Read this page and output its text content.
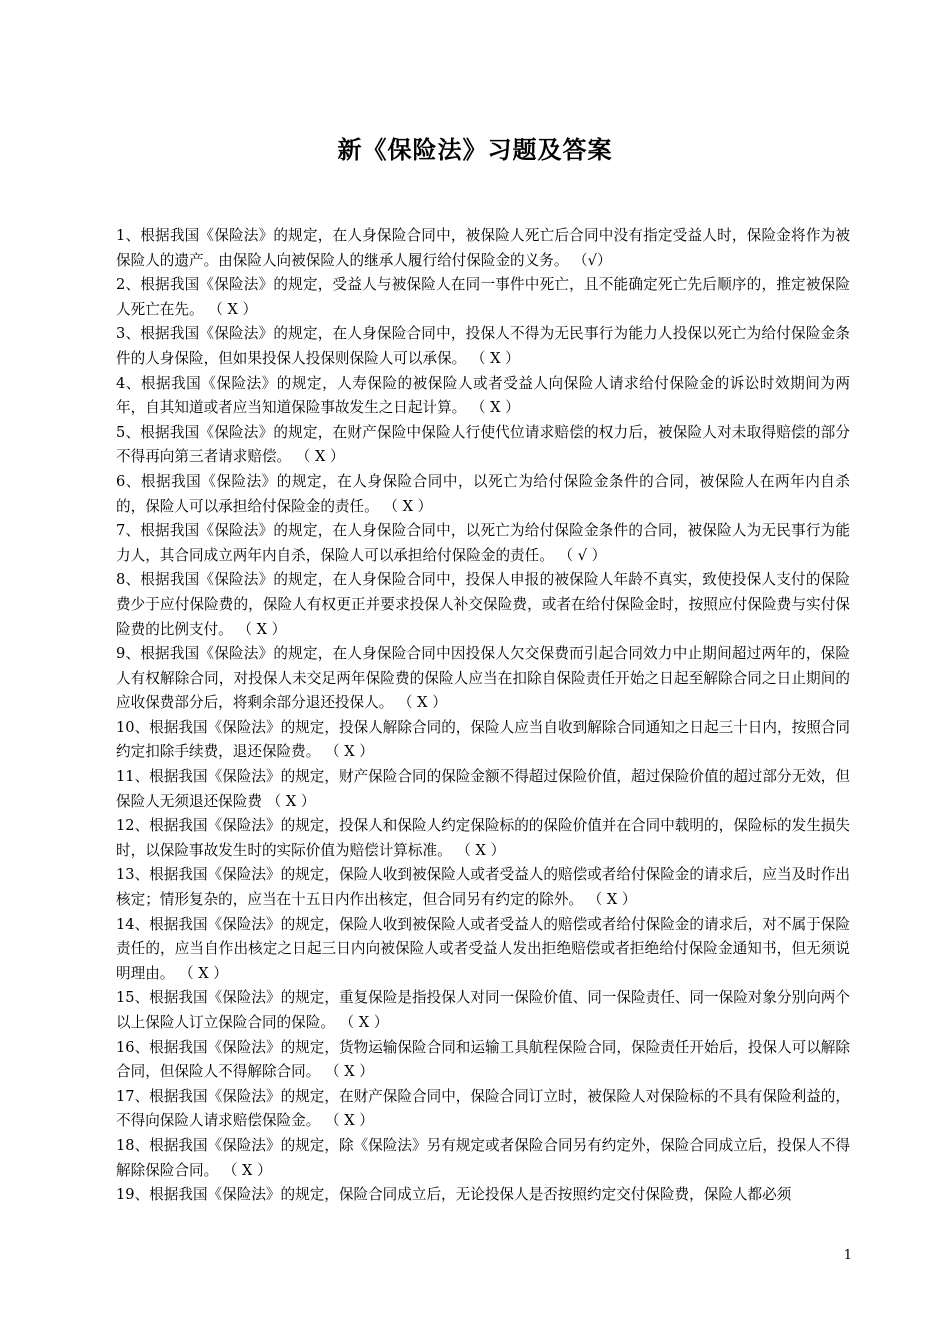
新《保险法》习题及答案

1、根据我国《保险法》的规定，在人身保险合同中，被保险人死亡后合同中没有指定受益人时，保险金将作为被保险人的遗产。由保险人向被保险人的继承人履行给付保险金的义务。 （√）

2、根据我国《保险法》的规定，受益人与被保险人在同一事件中死亡，且不能确定死亡先后顺序的，推定被保险人死亡在先。 （ X ）

3、根据我国《保险法》的规定，在人身保险合同中，投保人不得为无民事行为能力人投保以死亡为给付保险金条件的人身保险，但如果投保人投保则保险人可以承保。 （ X ）

4、根据我国《保险法》的规定，人寿保险的被保险人或者受益人向保险人请求给付保险金的诉讼时效期间为两年，自其知道或者应当知道保险事故发生之日起计算。 （ X ）

5、根据我国《保险法》的规定，在财产保险中保险人行使代位请求赔偿的权力后，被保险人对未取得赔偿的部分不得再向第三者请求赔偿。 （ X ）

6、根据我国《保险法》的规定，在人身保险合同中，以死亡为给付保险金条件的合同，被保险人在两年内自杀的，保险人可以承担给付保险金的责任。 （ X ）

7、根据我国《保险法》的规定，在人身保险合同中，以死亡为给付保险金条件的合同，被保险人为无民事行为能力人，其合同成立两年内自杀，保险人可以承担给付保险金的责任。 （ √ ）

8、根据我国《保险法》的规定，在人身保险合同中，投保人申报的被保险人年龄不真实，致使投保人支付的保险费少于应付保险费的，保险人有权更正并要求投保人补交保险费，或者在给付保险金时，按照应付保险费与实付保险费的比例支付。 （ X ）

9、根据我国《保险法》的规定，在人身保险合同中因投保人欠交保费而引起合同效力中止期间超过两年的，保险人有权解除合同，对投保人未交足两年保险费的保险人应当在扣除自保险责任开始之日起至解除合同之日止期间的应收保费部分后，将剩余部分退还投保人。 （ X ）

10、根据我国《保险法》的规定，投保人解除合同的，保险人应当自收到解除合同通知之日起三十日内，按照合同约定扣除手续费，退还保险费。 （ X ）

11、根据我国《保险法》的规定，财产保险合同的保险金额不得超过保险价值，超过保险价值的超过部分无效，但保险人无须退还保险费 （ X ）

12、根据我国《保险法》的规定，投保人和保险人约定保险标的的保险价值并在合同中载明的，保险标的发生损失时，以保险事故发生时的实际价值为赔偿计算标准。 （ X ）

13、根据我国《保险法》的规定，保险人收到被保险人或者受益人的赔偿或者给付保险金的请求后，应当及时作出核定；情形复杂的，应当在十五日内作出核定，但合同另有约定的除外。 （ X ）

14、根据我国《保险法》的规定，保险人收到被保险人或者受益人的赔偿或者给付保险金的请求后，对不属于保险责任的，应当自作出核定之日起三日内向被保险人或者受益人发出拒绝赔偿或者拒绝给付保险金通知书，但无须说明理由。 （ X ）

15、根据我国《保险法》的规定，重复保险是指投保人对同一保险价值、同一保险责任、同一保险对象分别向两个以上保险人订立保险合同的保险。 （ X ）

16、根据我国《保险法》的规定，货物运输保险合同和运输工具航程保险合同，保险责任开始后，投保人可以解除合同，但保险人不得解除合同。 （ X ）

17、根据我国《保险法》的规定，在财产保险合同中，保险合同订立时，被保险人对保险标的不具有保险利益的，不得向保险人请求赔偿保险金。 （ X ）

18、根据我国《保险法》的规定，除《保险法》另有规定或者保险合同另有约定外，保险合同成立后，投保人不得解除保险合同。 （ X ）

19、根据我国《保险法》的规定，保险合同成立后，无论投保人是否按照约定交付保险费，保险人都必须

1
